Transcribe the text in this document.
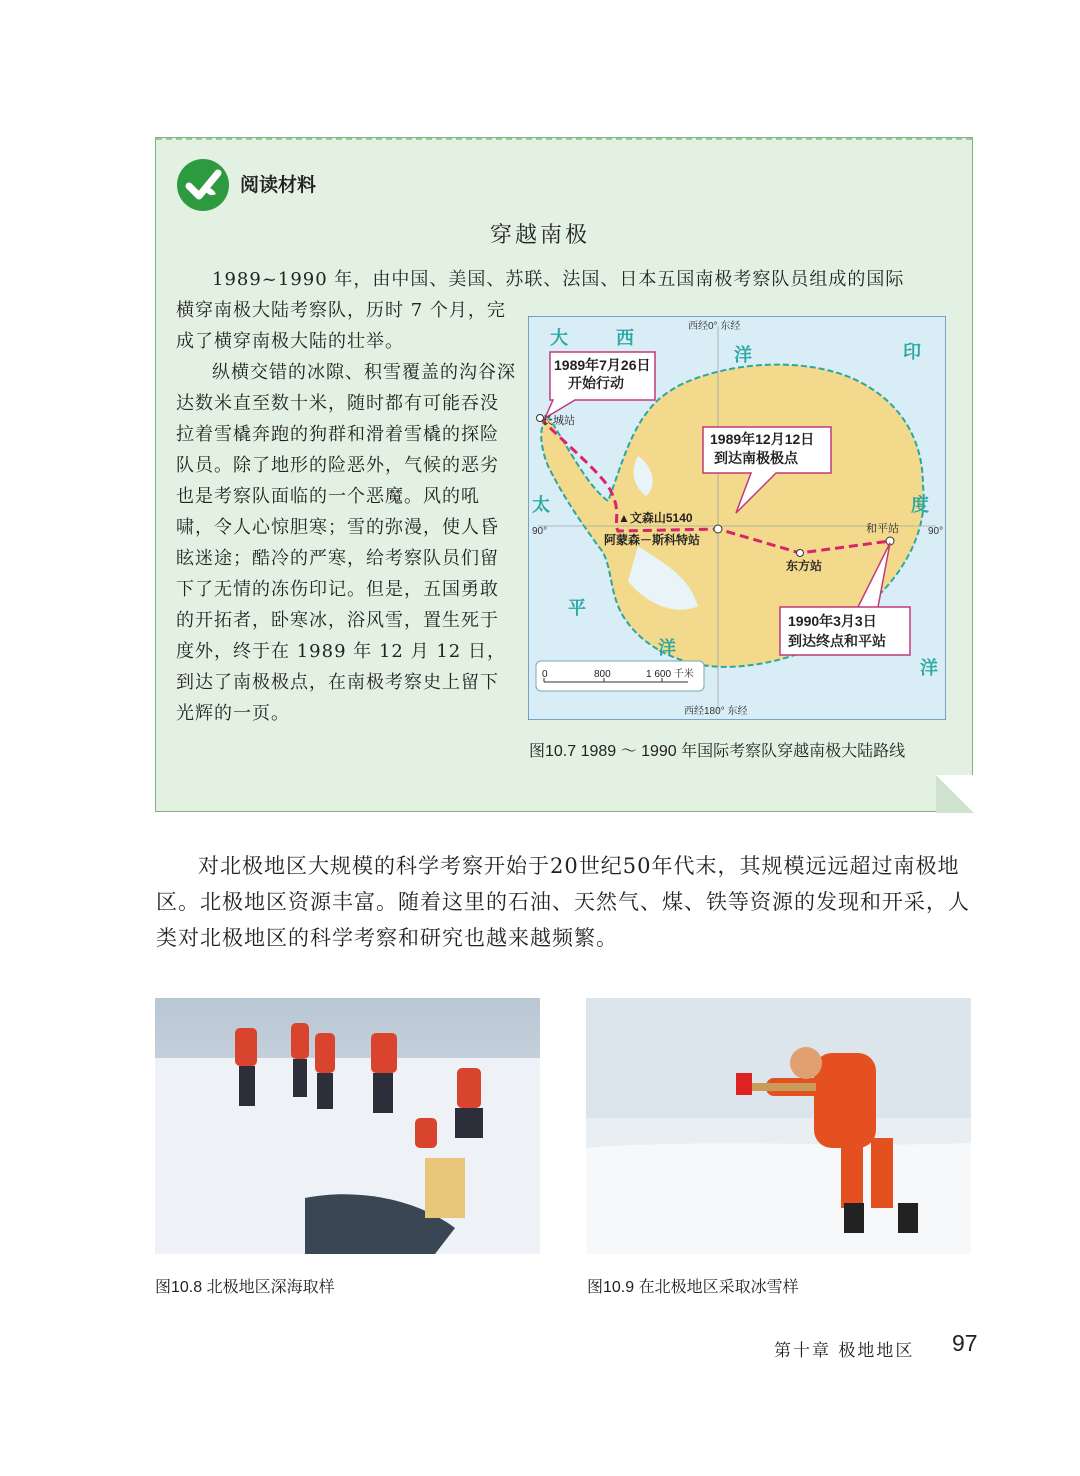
阅读材料
穿越南极

1989~1990 年，由中国、美国、苏联、法国、日本五国南极考察队员组成的国际

横穿南极大陆考察队，历时 7 个月，完成了横穿南极大陆的壮举。

纵横交错的冰隙、积雪覆盖的沟谷深达数米直至数十米，随时都有可能吞没拉着雪橇奔跑的狗群和滑着雪橇的探险队员。除了地形的险恶外，气候的恶劣也是考察队面临的一个恶魔。风的吼啸，令人心惊胆寒；雪的弥漫，使人昏眩迷途；酷冷的严寒，给考察队员们留下了无情的冻伤印记。但是，五国勇敢的开拓者，卧寒冰，浴风雪，置生死于度外，终于在 1989 年 12 月 12 日，到达了南极极点，在南极考察史上留下光辉的一页。

大	西
洋	印
度
洋
太
平
洋
西经0° 东经
西经180° 东经
90°	90°
1989年7月26日
开始行动
1989年12月12日
到达南极极点
1990年3月3日
到达终点和平站
长城站
▲文森山5140
阿蒙森－斯科特站
东方站
和平站
0	800	1 600 千米
图10.7 1989 ～ 1990 年国际考察队穿越南极大陆路线

对北极地区大规模的科学考察开始于20世纪50年代末，其规模远远超过南极地区。北极地区资源丰富。随着这里的石油、天然气、煤、铁等资源的发现和开采，人类对北极地区的科学考察和研究也越来越频繁。

图10.8 北极地区深海取样	图10.9 在北极地区采取冰雪样
第十章 极地地区 97
